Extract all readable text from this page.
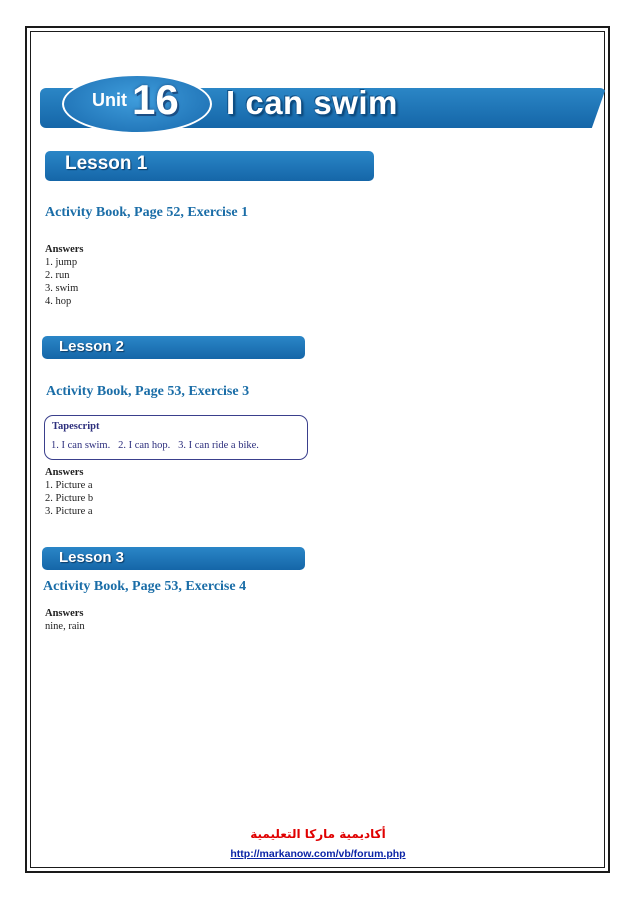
Unit 16 I can swim
Lesson 1
Activity Book, Page 52, Exercise 1
Answers
1. jump
2. run
3. swim
4. hop
Lesson 2
Activity Book, Page 53, Exercise 3
Tapescript
1. I can swim.   2. I can hop.   3. I can ride a bike.
Answers
1. Picture a
2. Picture b
3. Picture a
Lesson 3
Activity Book, Page 53, Exercise 4
Answers
nine, rain
أكاديمية ماركا التعليمية
http://markanow.com/vb/forum.php
